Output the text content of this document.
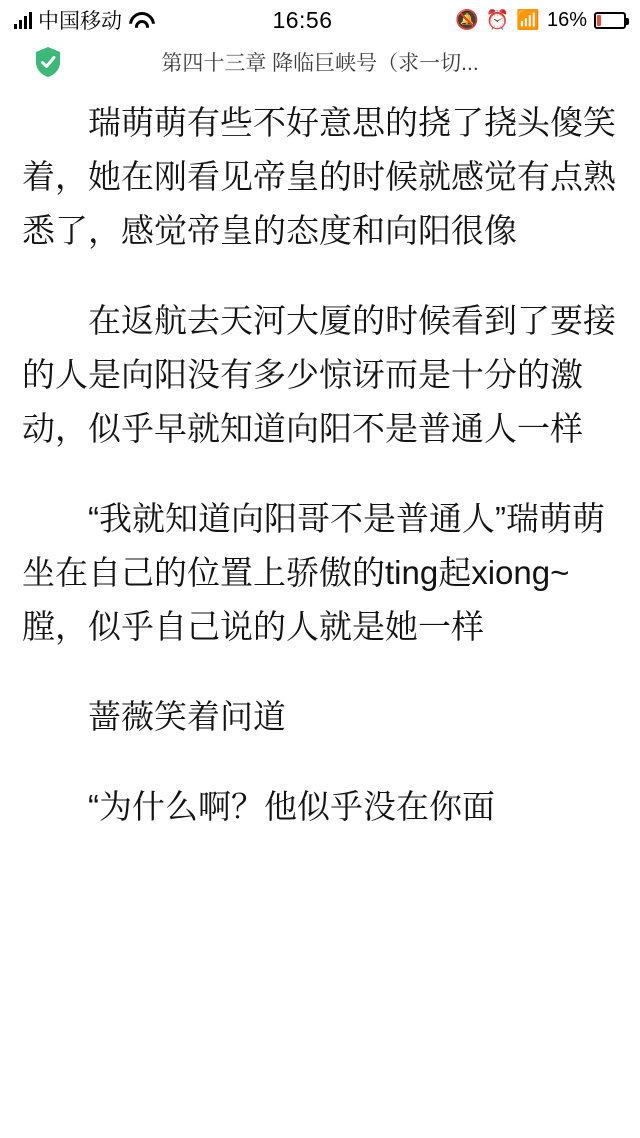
中国移动	16:56	🔕 ⏰ 📶 16%
第四十三章 降临巨峡号（求一切...

瑞萌萌有些不好意思的挠了挠头傻笑着，她在刚看见帝皇的时候就感觉有点熟悉了，感觉帝皇的态度和向阳很像

在返航去天河大厦的时候看到了要接的人是向阳没有多少惊讶而是十分的激动，似乎早就知道向阳不是普通人一样

“我就知道向阳哥不是普通人”瑞萌萌坐在自己的位置上骄傲的ting起xiong~膛，似乎自己说的人就是她一样

蔷薇笑着问道

“为什么啊？他似乎没在你面
